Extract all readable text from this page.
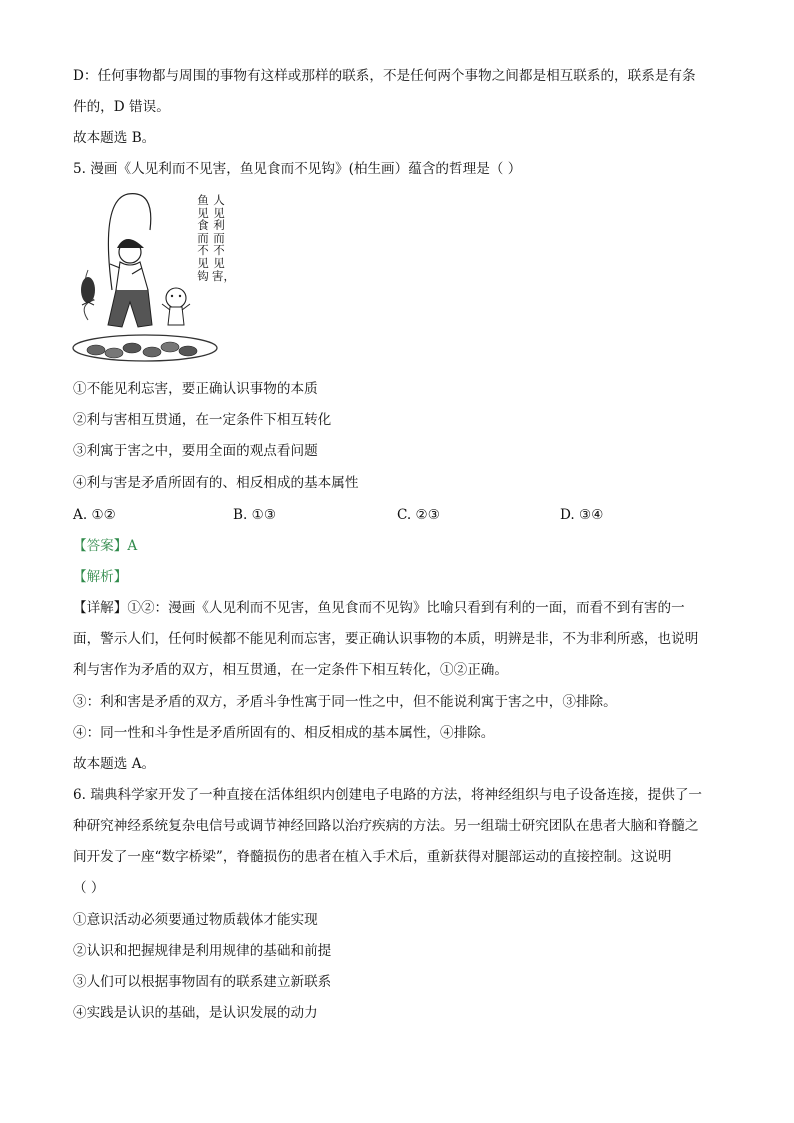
D：任何事物都与周围的事物有这样或那样的联系，不是任何两个事物之间都是相互联系的，联系是有条
件的，D 错误。
故本题选 B。
5. 漫画《人见利而不见害，鱼见食而不见钩》(柏生画）蕴含的哲理是（ ）
人见利而不见害，
鱼见食而不见钩
①不能见利忘害，要正确认识事物的本质
②利与害相互贯通，在一定条件下相互转化
③利寓于害之中，要用全面的观点看问题
④利与害是矛盾所固有的、相反相成的基本属性
A. ①②	B. ①③	C. ②③	D. ③④
【答案】A
【解析】
【详解】①②：漫画《人见利而不见害，鱼见食而不见钩》比喻只看到有利的一面，而看不到有害的一
面，警示人们，任何时候都不能见利而忘害，要正确认识事物的本质，明辨是非，不为非利所惑，也说明
利与害作为矛盾的双方，相互贯通，在一定条件下相互转化，①②正确。
③：利和害是矛盾的双方，矛盾斗争性寓于同一性之中，但不能说利寓于害之中，③排除。
④：同一性和斗争性是矛盾所固有的、相反相成的基本属性，④排除。
故本题选 A。
6. 瑞典科学家开发了一种直接在活体组织内创建电子电路的方法，将神经组织与电子设备连接，提供了一
种研究神经系统复杂电信号或调节神经回路以治疗疾病的方法。另一组瑞士研究团队在患者大脑和脊髓之
间开发了一座“数字桥梁”，脊髓损伤的患者在植入手术后，重新获得对腿部运动的直接控制。这说明
（ ）
①意识活动必须要通过物质载体才能实现
②认识和把握规律是利用规律的基础和前提
③人们可以根据事物固有的联系建立新联系
④实践是认识的基础，是认识发展的动力
